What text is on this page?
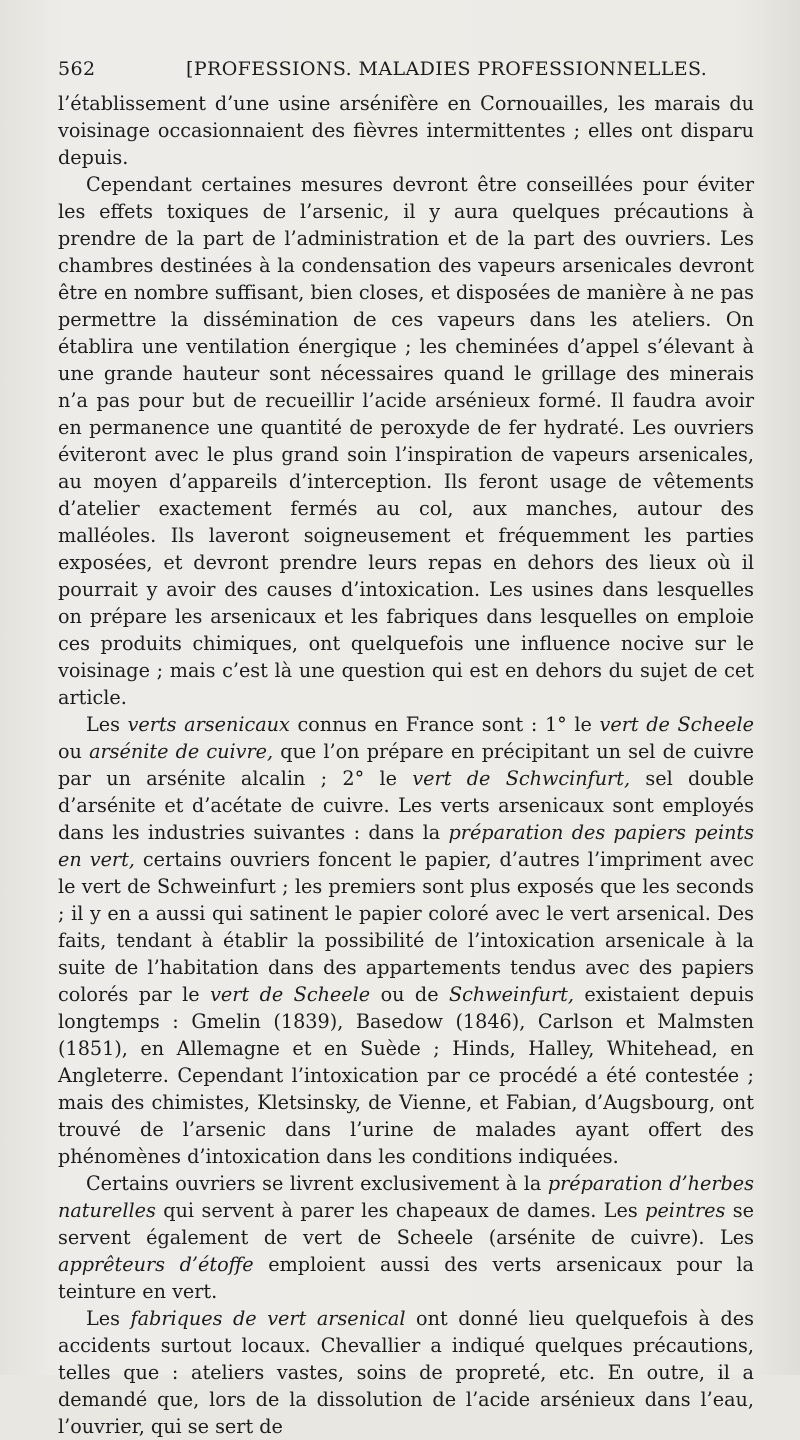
562	[PROFESSIONS. MALADIES PROFESSIONNELLES.

l’établissement d’une usine arsénifère en Cornouailles, les marais du voisinage occasionnaient des fièvres intermittentes ; elles ont disparu depuis.

Cependant certaines mesures devront être conseillées pour éviter les effets toxiques de l’arsenic, il y aura quelques précautions à prendre de la part de l’administration et de la part des ouvriers. Les chambres destinées à la condensation des vapeurs arsenicales devront être en nombre suffisant, bien closes, et disposées de manière à ne pas permettre la dissémination de ces vapeurs dans les ateliers. On établira une ventilation énergique ; les cheminées d’appel s’élevant à une grande hauteur sont nécessaires quand le grillage des minerais n’a pas pour but de recueillir l’acide arsénieux formé. Il faudra avoir en permanence une quantité de peroxyde de fer hydraté. Les ouvriers éviteront avec le plus grand soin l’inspiration de vapeurs arsenicales, au moyen d’appareils d’interception. Ils feront usage de vêtements d’atelier exactement fermés au col, aux manches, autour des malléoles. Ils laveront soigneusement et fréquemment les parties exposées, et devront prendre leurs repas en dehors des lieux où il pourrait y avoir des causes d’intoxication. Les usines dans lesquelles on prépare les arsenicaux et les fabriques dans lesquelles on emploie ces produits chimiques, ont quelquefois une influence nocive sur le voisinage ; mais c’est là une question qui est en dehors du sujet de cet article.

Les verts arsenicaux connus en France sont : 1° le vert de Scheele ou arsénite de cuivre, que l’on prépare en précipitant un sel de cuivre par un arsénite alcalin ; 2° le vert de Schwcinfurt, sel double d’arsénite et d’acétate de cuivre. Les verts arsenicaux sont employés dans les industries suivantes : dans la préparation des papiers peints en vert, certains ouvriers foncent le papier, d’autres l’impriment avec le vert de Schweinfurt ; les premiers sont plus exposés que les seconds ; il y en a aussi qui satinent le papier coloré avec le vert arsenical. Des faits, tendant à établir la possibilité de l’intoxication arsenicale à la suite de l’habitation dans des appartements tendus avec des papiers colorés par le vert de Scheele ou de Schweinfurt, existaient depuis longtemps : Gmelin (1839), Basedow (1846), Carlson et Malmsten (1851), en Allemagne et en Suède ; Hinds, Halley, Whitehead, en Angleterre. Cependant l’intoxication par ce procédé a été contestée ; mais des chimistes, Kletsinsky, de Vienne, et Fabian, d’Augsbourg, ont trouvé de l’arsenic dans l’urine de malades ayant offert des phénomènes d’intoxication dans les conditions indiquées.

Certains ouvriers se livrent exclusivement à la préparation d’herbes naturelles qui servent à parer les chapeaux de dames. Les peintres se servent également de vert de Scheele (arsénite de cuivre). Les apprêteurs d’étoffe emploient aussi des verts arsenicaux pour la teinture en vert.

Les fabriques de vert arsenical ont donné lieu quelquefois à des accidents surtout locaux. Chevallier a indiqué quelques précautions, telles que : ateliers vastes, soins de propreté, etc. En outre, il a demandé que, lors de la dissolution de l’acide arsénieux dans l’eau, l’ouvrier, qui se sert de
